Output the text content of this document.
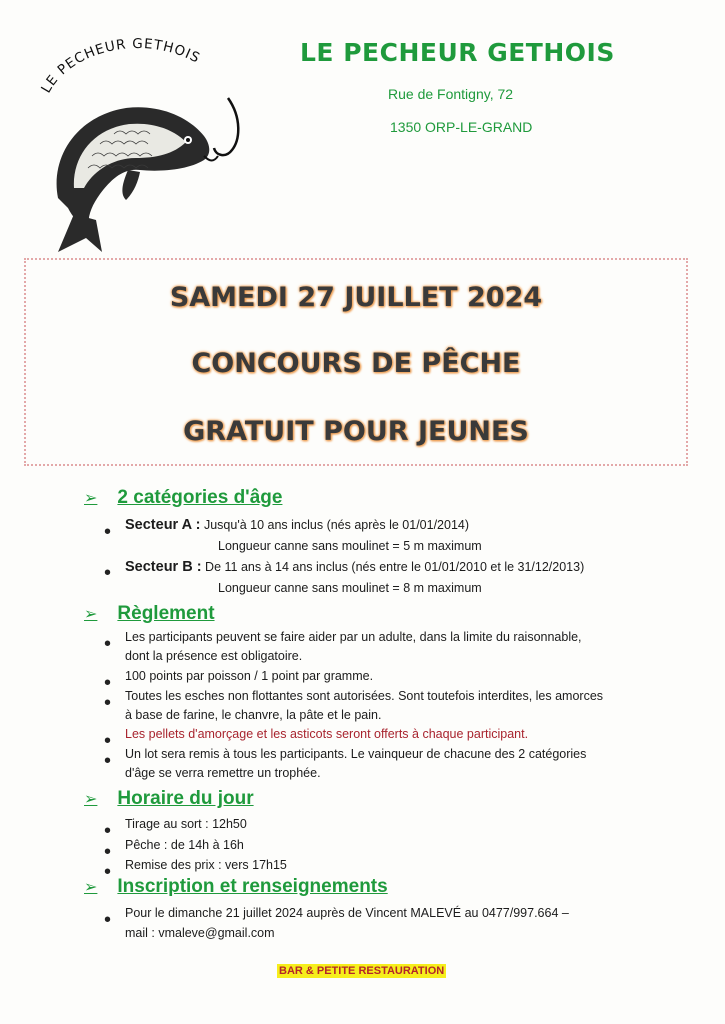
LE PECHEUR GETHOIS	LE PECHEUR GETHOIS
Rue de Fontigny, 72
1350 ORP-LE-GRAND
SAMEDI 27 JUILLET 2024
CONCOURS DE PÊCHE
GRATUIT POUR JEUNES
➢ 2 catégories d'âge
• Secteur A : Jusqu'à 10 ans inclus (nés après le 01/01/2014)
Longueur canne sans moulinet = 5 m maximum
• Secteur B : De 11 ans à 14 ans inclus (nés entre le 01/01/2010 et le 31/12/2013)
Longueur canne sans moulinet = 8 m maximum
➢ Règlement
• Les participants peuvent se faire aider par un adulte, dans la limite du raisonnable,
dont la présence est obligatoire.
• 100 points par poisson / 1 point par gramme.
• Toutes les esches non flottantes sont autorisées. Sont toutefois interdites, les amorces
à base de farine, le chanvre, la pâte et le pain.
• Les pellets d'amorçage et les asticots seront offerts à chaque participant.
• Un lot sera remis à tous les participants. Le vainqueur de chacune des 2 catégories
d'âge se verra remettre un trophée.
➢ Horaire du jour
• Tirage au sort : 12h50
• Pêche : de 14h à 16h
• Remise des prix : vers 17h15
➢ Inscription et renseignements
• Pour le dimanche 21 juillet 2024 auprès de Vincent MALEVÉ au 0477/997.664 –
mail : vmaleve@gmail.com
BAR & PETITE RESTAURATION
